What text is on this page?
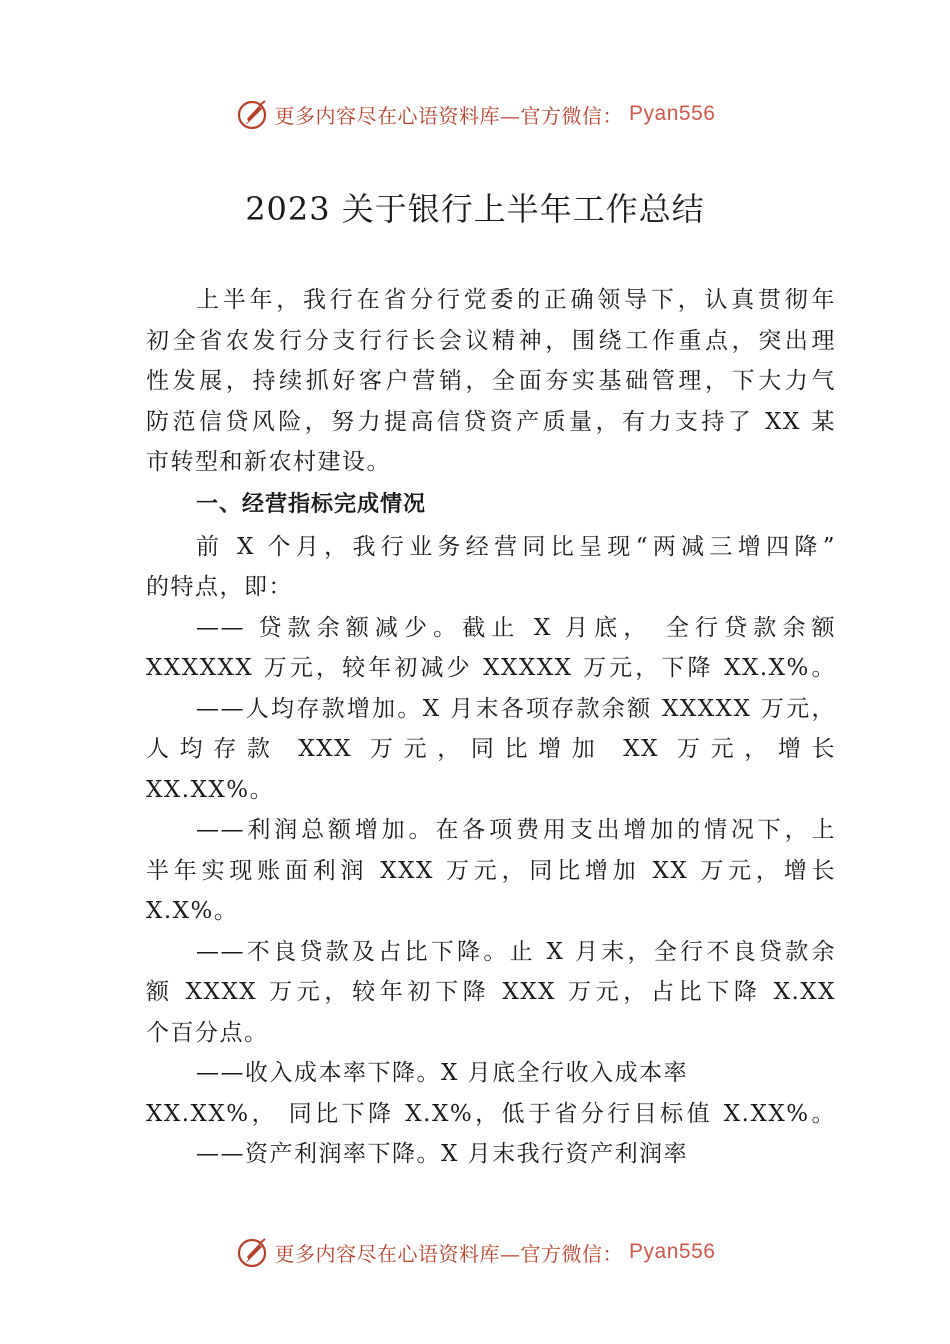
更多内容尽在心语资料库—官方微信： Pyan556
2023 关于银行上半年工作总结
上半年，我行在省分行党委的正确领导下，认真贯彻年
初全省农发行分支行行长会议精神，围绕工作重点，突出理
性发展，持续抓好客户营销，全面夯实基础管理，下大力气
防范信贷风险，努力提高信贷资产质量，有力支持了 XX 某
市转型和新农村建设。
一、经营指标完成情况
前 X 个月，我行业务经营同比呈现“两减三增四降”
的特点，即：
—— 贷款余额减少。截止 X 月底， 全行贷款余额
XXXXXX 万元，较年初减少 XXXXX 万元，下降 XX.X%。
——人均存款增加。X 月末各项存款余额 XXXXX 万元，
人均存款 XXX 万元，同比增加 XX 万元，增长
XX.XX%。
——利润总额增加。在各项费用支出增加的情况下，上
半年实现账面利润 XXX 万元，同比增加 XX 万元，增长
X.X%。
——不良贷款及占比下降。止 X 月末，全行不良贷款余
额 XXXX 万元，较年初下降 XXX 万元，占比下降 X.XX
个百分点。
——收入成本率下降。X 月底全行收入成本率
XX.XX%， 同比下降 X.X%，低于省分行目标值 X.XX%。
——资产利润率下降。X 月末我行资产利润率
更多内容尽在心语资料库—官方微信： Pyan556
